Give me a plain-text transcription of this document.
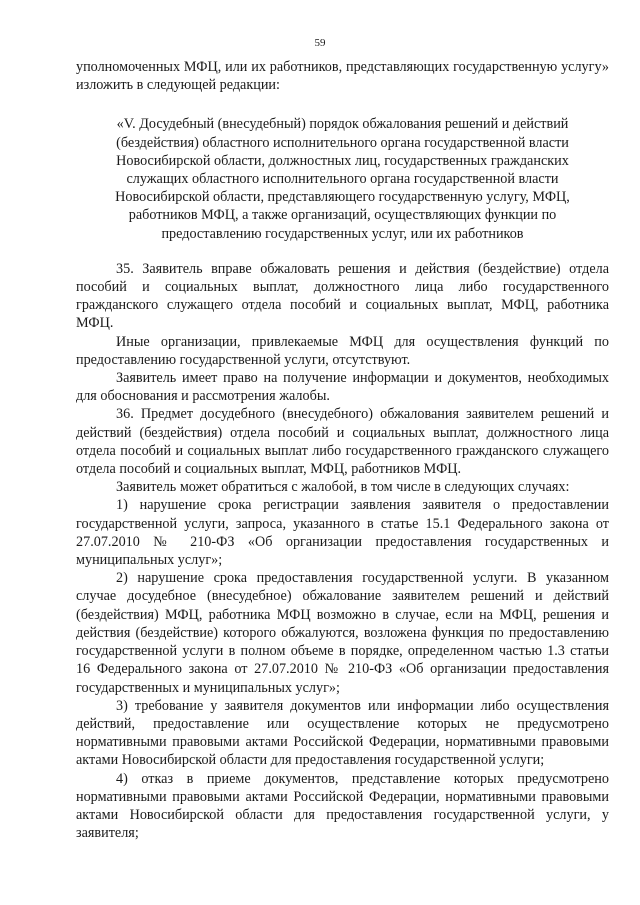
59

уполномоченных МФЦ, или их работников, представляющих государственную услугу» изложить в следующей редакции:

«V. Досудебный (внесудебный) порядок обжалования решений и действий (бездействия) областного исполнительного органа государственной власти Новосибирской области, должностных лиц, государственных гражданских служащих областного исполнительного органа государственной власти Новосибирской области, представляющего государственную услугу, МФЦ, работников МФЦ, а также организаций, осуществляющих функции по предоставлению государственных услуг, или их работников

35. Заявитель вправе обжаловать решения и действия (бездействие) отдела пособий и социальных выплат, должностного лица либо государственного гражданского служащего отдела пособий и социальных выплат, МФЦ, работника МФЦ.

Иные организации, привлекаемые МФЦ для осуществления функций по предоставлению государственной услуги, отсутствуют.

Заявитель имеет право на получение информации и документов, необходимых для обоснования и рассмотрения жалобы.

36. Предмет досудебного (внесудебного) обжалования заявителем решений и действий (бездействия) отдела пособий и социальных выплат, должностного лица отдела пособий и социальных выплат либо государственного гражданского служащего отдела пособий и социальных выплат, МФЦ, работников МФЦ.

Заявитель может обратиться с жалобой, в том числе в следующих случаях:

1) нарушение срока регистрации заявления заявителя о предоставлении государственной услуги, запроса, указанного в статье 15.1 Федерального закона от 27.07.2010 № 210-ФЗ «Об организации предоставления государственных и муниципальных услуг»;

2) нарушение срока предоставления государственной услуги. В указанном случае досудебное (внесудебное) обжалование заявителем решений и действий (бездействия) МФЦ, работника МФЦ возможно в случае, если на МФЦ, решения и действия (бездействие) которого обжалуются, возложена функция по предоставлению государственной услуги в полном объеме в порядке, определенном частью 1.3 статьи 16 Федерального закона от 27.07.2010 № 210-ФЗ «Об организации предоставления государственных и муниципальных услуг»;

3) требование у заявителя документов или информации либо осуществления действий, предоставление или осуществление которых не предусмотрено нормативными правовыми актами Российской Федерации, нормативными правовыми актами Новосибирской области для предоставления государственной услуги;

4) отказ в приеме документов, представление которых предусмотрено нормативными правовыми актами Российской Федерации, нормативными правовыми актами Новосибирской области для предоставления государственной услуги, у заявителя;
